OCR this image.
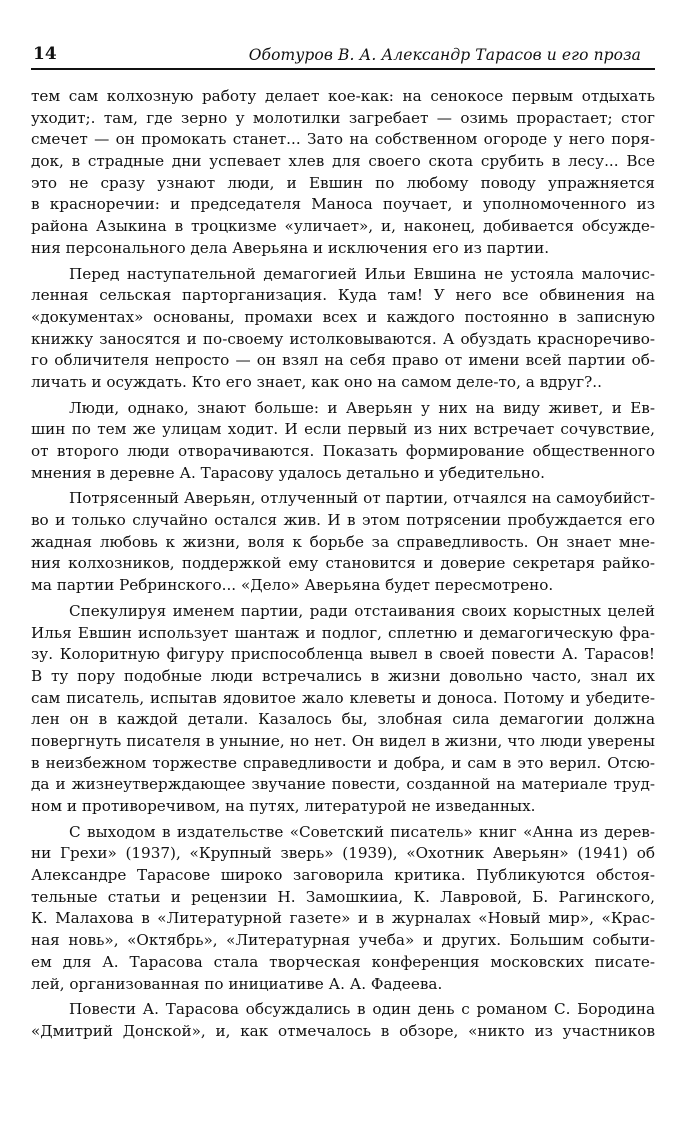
14	Оботуров В. А. Александр Тарасов и его проза
тем сам колхозную работу делает кое-как: на сенокосе первым отдыхать
уходит;. там, где зерно у молотилки загребает — озимь прорастает; стог
смечет — он промокать станет... Зато на собственном огороде у него поря-
док, в страдные дни успевает хлев для своего скота срубить в лесу... Все
это не сразу узнают люди, и Евшин по любому поводу упражняется
в красноречии: и председателя Маноса поучает, и уполномоченного из
района Азыкина в троцкизме «уличает», и, наконец, добивается обсужде-
ния персонального дела Аверьяна и исключения его из партии.
Перед наступательной демагогией Ильи Евшина не устояла малочис-
ленная сельская парторганизация. Куда там! У него все обвинения на
«документах» основаны, промахи всех и каждого постоянно в записную
книжку заносятся и по-своему истолковываются. А обуздать красноречиво-
го обличителя непросто — он взял на себя право от имени всей партии об-
личать и осуждать. Кто его знает, как оно на самом деле-то, а вдруг?..
Люди, однако, знают больше: и Аверьян у них на виду живет, и Ев-
шин по тем же улицам ходит. И если первый из них встречает сочувствие,
от второго люди отворачиваются. Показать формирование общественного
мнения в деревне А. Тарасову удалось детально и убедительно.
Потрясенный Аверьян, отлученный от партии, отчаялся на самоубийст-
во и только случайно остался жив. И в этом потрясении пробуждается его
жадная любовь к жизни, воля к борьбе за справедливость. Он знает мне-
ния колхозников, поддержкой ему становится и доверие секретаря райко-
ма партии Ребринского... «Дело» Аверьяна будет пересмотрено.
Спекулируя именем партии, ради отстаивания своих корыстных целей
Илья Евшин использует шантаж и подлог, сплетню и демагогическую фра-
зу. Колоритную фигуру приспособленца вывел в своей повести А. Тарасов!
В ту пору подобные люди встречались в жизни довольно часто, знал их
сам писатель, испытав ядовитое жало клеветы и доноса. Потому и убедите-
лен он в каждой детали. Казалось бы, злобная сила демагогии должна
повергнуть писателя в уныние, но нет. Он видел в жизни, что люди уверены
в неизбежном торжестве справедливости и добра, и сам в это верил. Отсю-
да и жизнеутверждающее звучание повести, созданной на материале труд-
ном и противоречивом, на путях, литературой не изведанных.
С выходом в издательстве «Советский писатель» книг «Анна из дерев-
ни Грехи» (1937), «Крупный зверь» (1939), «Охотник Аверьян» (1941) об
Александре Тарасове широко заговорила критика. Публикуются обстоя-
тельные статьи и рецензии Н. Замошкииа, К. Лавровой, Б. Рагинского,
К. Малахова в «Литературной газете» и в журналах «Новый мир», «Крас-
ная новь», «Октябрь», «Литературная учеба» и других. Большим событи-
ем для А. Тарасова стала творческая конференция московских писате-
лей, организованная по инициативе А. А. Фадеева.
Повести А. Тарасова обсуждались в один день с романом С. Бородина
«Дмитрий Донской», и, как отмечалось в обзоре, «никто из участников
